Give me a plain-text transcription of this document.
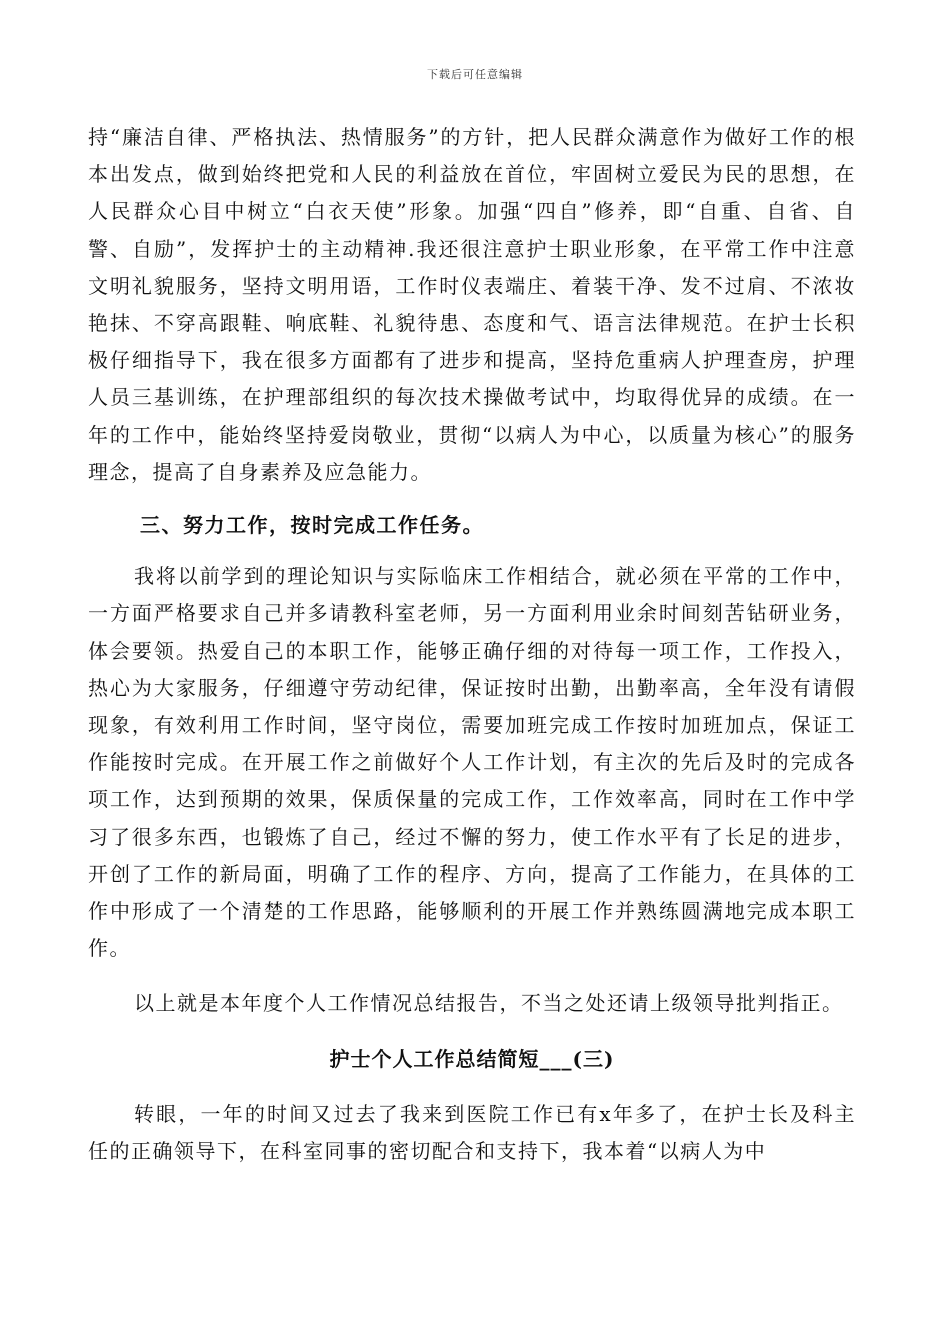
下载后可任意编辑

持“廉洁自律、严格执法、热情服务”的方针，把人民群众满意作为做好工作的根本出发点，做到始终把党和人民的利益放在首位，牢固树立爱民为民的思想，在人民群众心目中树立“白衣天使”形象。加强“四自”修养，即“自重、自省、自警、自励”，发挥护士的主动精神.我还很注意护士职业形象，在平常工作中注意文明礼貌服务，坚持文明用语，工作时仪表端庄、着装干净、发不过肩、不浓妆艳抹、不穿高跟鞋、响底鞋、礼貌待患、态度和气、语言法律规范。在护士长积极仔细指导下，我在很多方面都有了进步和提高，坚持危重病人护理查房，护理人员三基训练，在护理部组织的每次技术操做考试中，均取得优异的成绩。在一年的工作中，能始终坚持爱岗敬业，贯彻“以病人为中心，以质量为核心”的服务理念，提高了自身素养及应急能力。

三、努力工作，按时完成工作任务。

我将以前学到的理论知识与实际临床工作相结合，就必须在平常的工作中，一方面严格要求自己并多请教科室老师，另一方面利用业余时间刻苦钻研业务，体会要领。热爱自己的本职工作，能够正确仔细的对待每一项工作，工作投入，热心为大家服务，仔细遵守劳动纪律，保证按时出勤，出勤率高，全年没有请假现象，有效利用工作时间，坚守岗位，需要加班完成工作按时加班加点，保证工作能按时完成。在开展工作之前做好个人工作计划，有主次的先后及时的完成各项工作，达到预期的效果，保质保量的完成工作，工作效率高，同时在工作中学习了很多东西，也锻炼了自己，经过不懈的努力，使工作水平有了长足的进步，开创了工作的新局面，明确了工作的程序、方向，提高了工作能力，在具体的工作中形成了一个清楚的工作思路，能够顺利的开展工作并熟练圆满地完成本职工作。

以上就是本年度个人工作情况总结报告，不当之处还请上级领导批判指正。

护士个人工作总结简短___(三)

转眼，一年的时间又过去了我来到医院工作已有x年多了，在护士长及科主任的正确领导下，在科室同事的密切配合和支持下，我本着“以病人为中
